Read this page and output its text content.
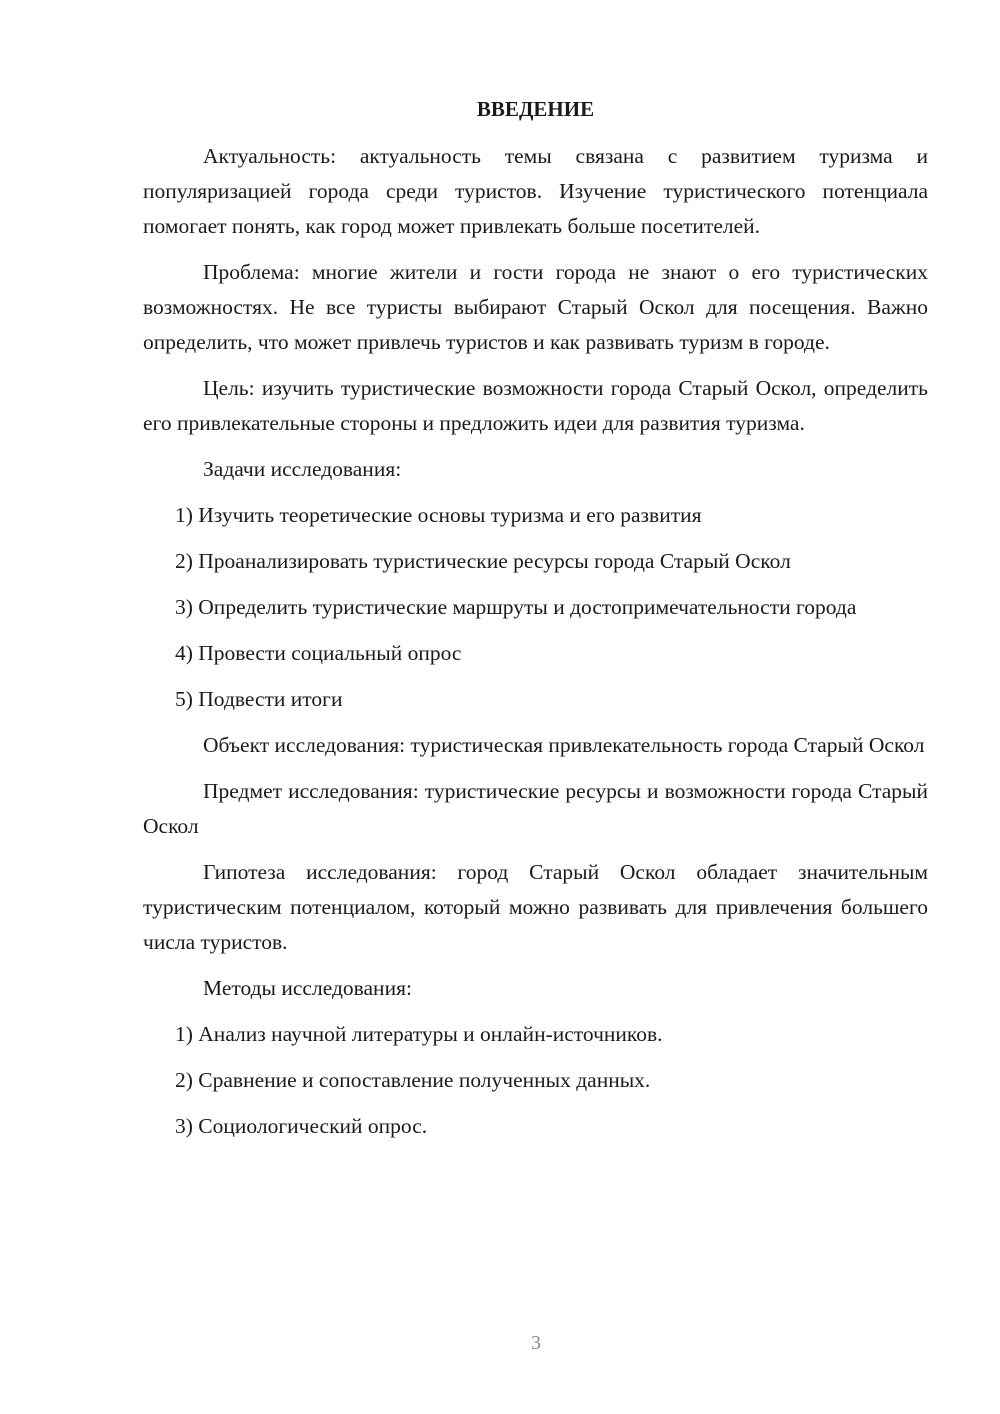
ВВЕДЕНИЕ
Актуальность: актуальность темы связана с развитием туризма и популяризацией города среди туристов. Изучение туристического потенциала помогает понять, как город может привлекать больше посетителей.
Проблема: многие жители и гости города не знают о его туристических возможностях. Не все туристы выбирают Старый Оскол для посещения. Важно определить, что может привлечь туристов и как развивать туризм в городе.
Цель: изучить туристические возможности города Старый Оскол, определить его привлекательные стороны и предложить идеи для развития туризма.
Задачи исследования:
1) Изучить теоретические основы туризма и его развития
2) Проанализировать туристические ресурсы города Старый Оскол
3) Определить туристические маршруты и достопримечательности города
4) Провести социальный опрос
5) Подвести итоги
Объект исследования: туристическая привлекательность города Старый Оскол
Предмет исследования: туристические ресурсы и возможности города Старый Оскол
Гипотеза исследования: город Старый Оскол обладает значительным туристическим потенциалом, который можно развивать для привлечения большего числа туристов.
Методы исследования:
1) Анализ научной литературы и онлайн-источников.
2) Сравнение и сопоставление полученных данных.
3) Социологический опрос.
3
